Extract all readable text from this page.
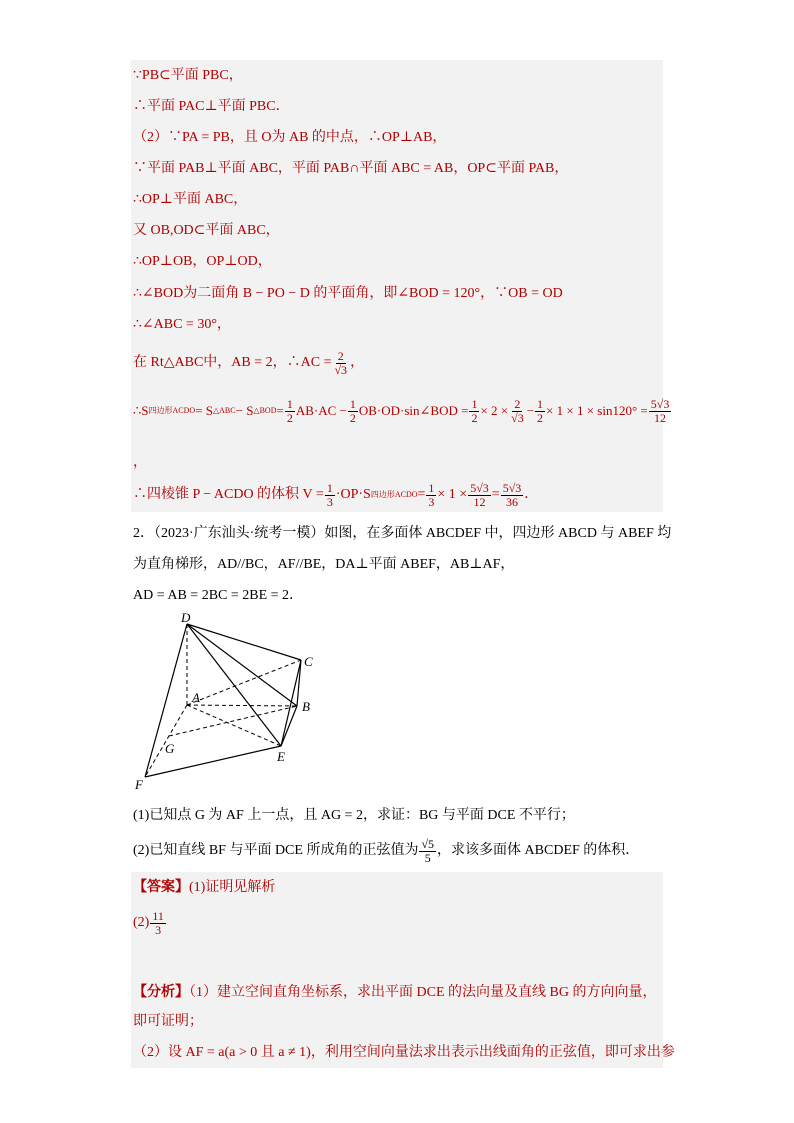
∵PB⊂平面 PBC，
∴平面 PAC⊥平面 PBC．
（2）∵PA = PB，且 O为 AB 的中点，∴OP⊥AB，
∵平面 PAB⊥平面 ABC，平面 PAB∩平面 ABC = AB，OP⊂平面 PAB，
∴OP⊥平面 ABC，
又 OB,OD⊂平面 ABC，
∴OP⊥OB，OP⊥OD，
∴∠BOD为二面角 B − PO − D 的平面角，即∠BOD = 120°，∵OB = OD
∴∠ABC = 30°，
在 Rt△ABC中，AB = 2，∴AC = $\frac{2}{√3}$ ，
∴S 四边形ACDO = S △ABC − S △BOD = $\frac{1}{2} AB\cdot AC - \frac{1}{2}$ OB·OD·sin∠BOD = $\frac{1}{2} \times 2 \times \frac{2}{√3} - \frac{1}{2} \times 1 \times 1 \times \sin 120^\circ = \frac{5√3}{12}$
，
∴四棱锥 P − ACDO 的体积 $V = \frac{1}{3} \cdot OP\cdot S$ 四边形ACDO = $\frac{1}{3} \times 1 \times \frac{5√3}{12} = \frac{5√3}{36}$ ．
2．（2023·广东汕头·统考一模）如图，在多面体 ABCDEF 中，四边形 ABCD 与 ABEF 均
为直角梯形，AD//BC，AF//BE，DA⊥平面 ABEF，AB⊥AF，
AD = AB = 2BC = 2BE = 2．
D
C
A
B
G
E
F
(1)已知点 G 为 AF 上一点，且 AG = 2，求证：BG 与平面 DCE 不平行；
(2)已知直线 BF 与平面 DCE 所成角的正弦值为 $\frac{√5}{5}$ ，求该多面体 ABCDEF 的体积．
【答案】(1)证明见解析
$(2) \frac{11}{3}$
【分析】（1）建立空间直角坐标系，求出平面 DCE 的法向量及直线 BG 的方向向量，
即可证明；
（2）设 AF = a(a > 0 且 a ≠ 1)，利用空间向量法求出表示出线面角的正弦值，即可求出参
